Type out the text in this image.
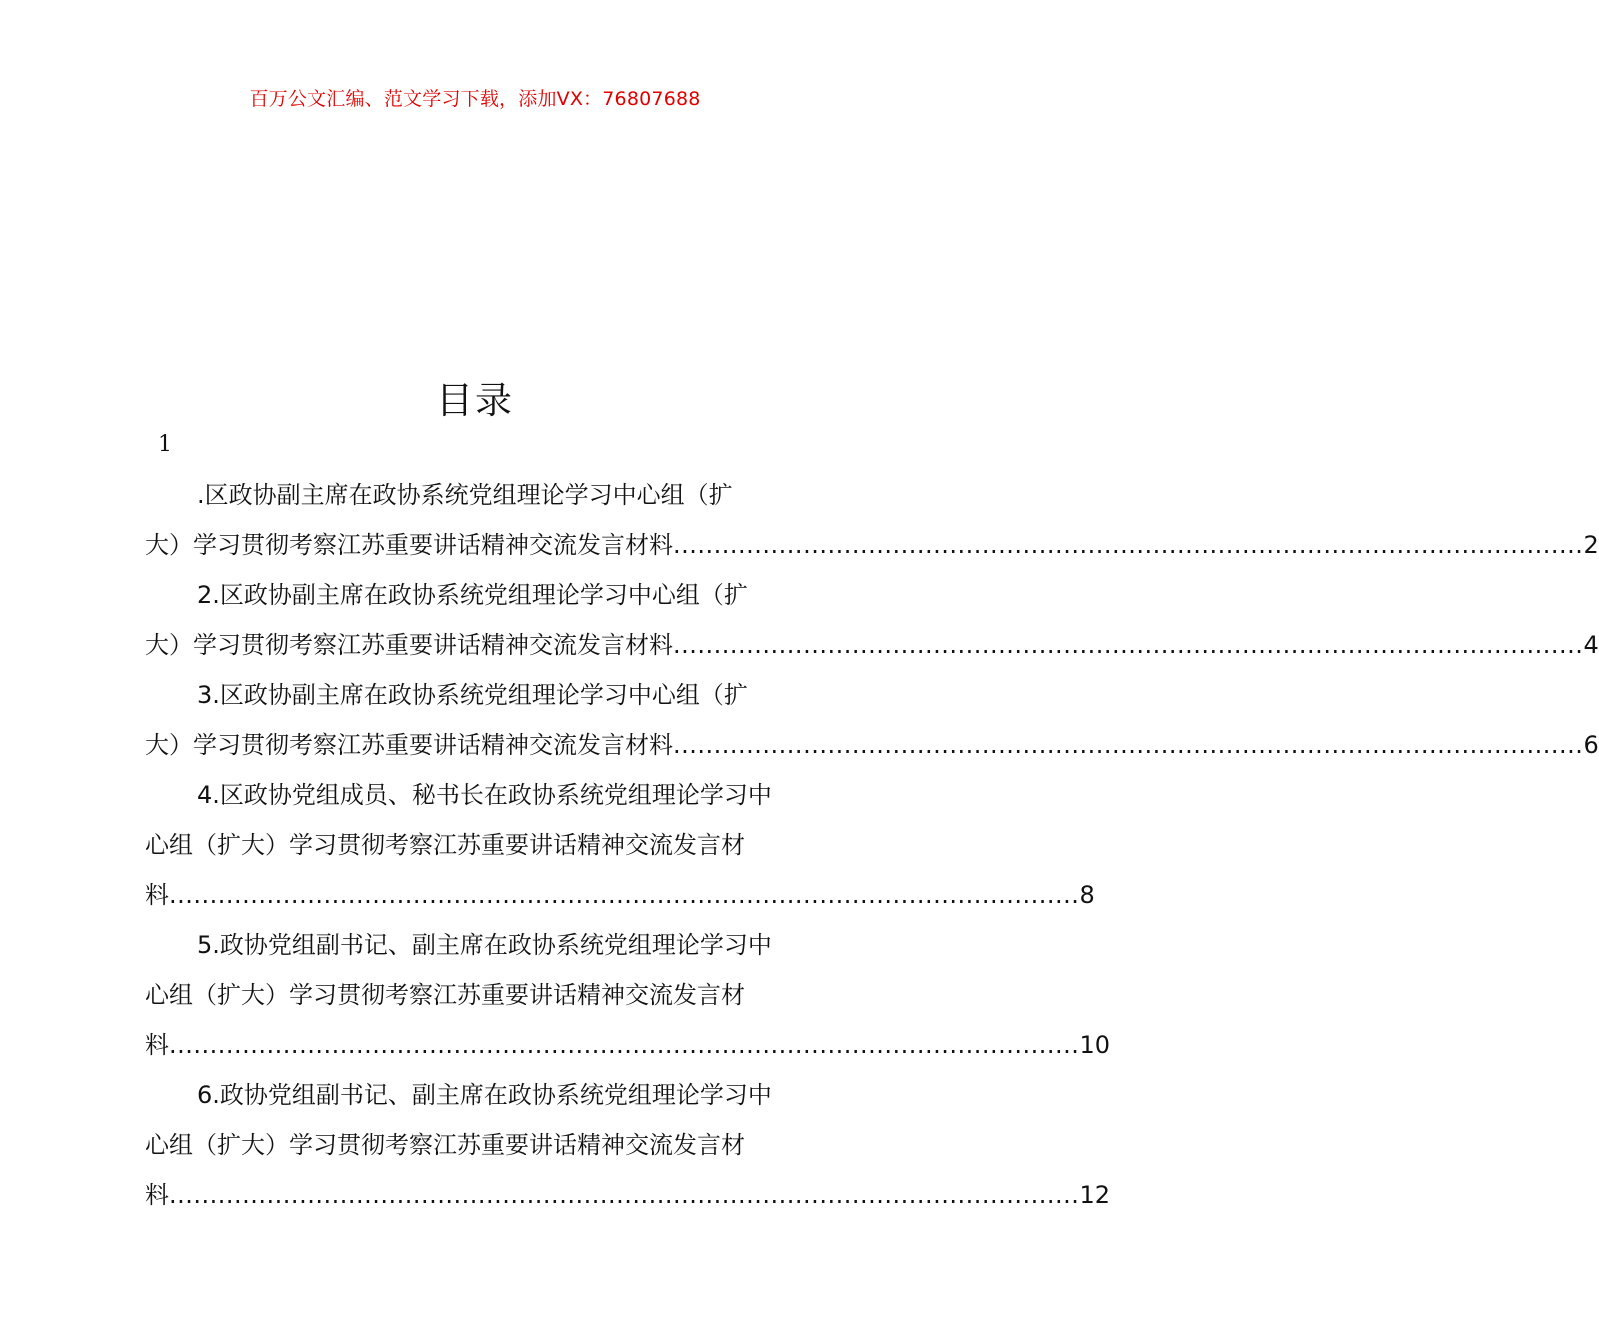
百万公文汇编、范文学习下载，添加VX：76807688
目录
1
.区政协副主席在政协系统党组理论学习中心组（扩
大）学习贯彻考察江苏重要讲话精神交流发言材料 ................................................................................................................ 2
2.区政协副主席在政协系统党组理论学习中心组（扩
大）学习贯彻考察江苏重要讲话精神交流发言材料 ................................................................................................................ 4
3.区政协副主席在政协系统党组理论学习中心组（扩
大）学习贯彻考察江苏重要讲话精神交流发言材料 ................................................................................................................ 6
4.区政协党组成员、秘书长在政协系统党组理论学习中
心组（扩大）学习贯彻考察江苏重要讲话精神交流发言材
料 ................................................................................................................ 8
5.政协党组副书记、副主席在政协系统党组理论学习中
心组（扩大）学习贯彻考察江苏重要讲话精神交流发言材
料 ................................................................................................................ 10
6.政协党组副书记、副主席在政协系统党组理论学习中
心组（扩大）学习贯彻考察江苏重要讲话精神交流发言材
料 ................................................................................................................ 12
